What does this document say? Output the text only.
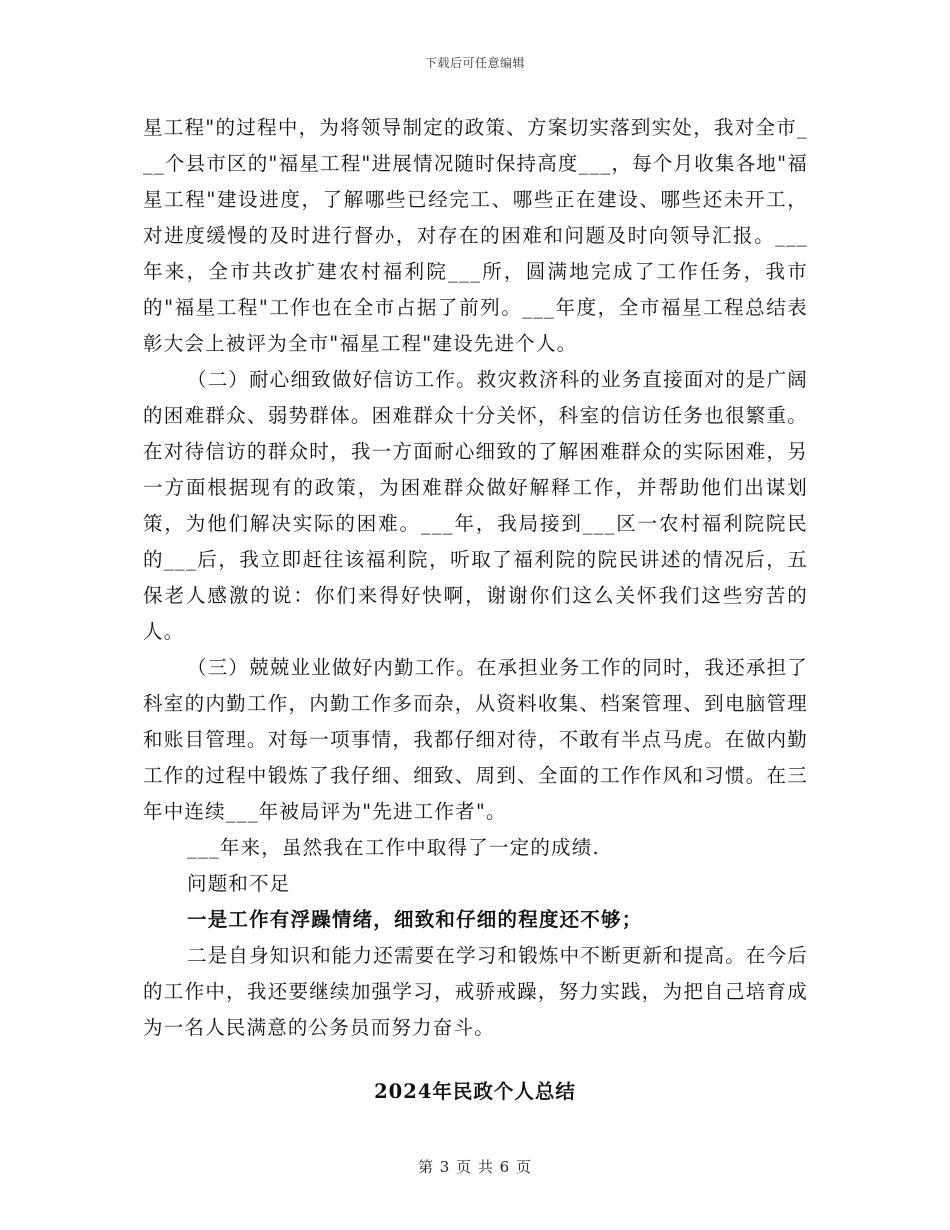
下载后可任意编辑

星工程"的过程中，为将领导制定的政策、方案切实落到实处，我对全市___个县市区的"福星工程"进展情况随时保持高度___，每个月收集各地"福星工程"建设进度，了解哪些已经完工、哪些正在建设、哪些还未开工，对进度缓慢的及时进行督办，对存在的困难和问题及时向领导汇报。___年来，全市共改扩建农村福利院___所，圆满地完成了工作任务，我市的"福星工程"工作也在全市占据了前列。___年度，全市福星工程总结表彰大会上被评为全市"福星工程"建设先进个人。

（二）耐心细致做好信访工作。救灾救济科的业务直接面对的是广阔的困难群众、弱势群体。困难群众十分关怀，科室的信访任务也很繁重。在对待信访的群众时，我一方面耐心细致的了解困难群众的实际困难，另一方面根据现有的政策，为困难群众做好解释工作，并帮助他们出谋划策，为他们解决实际的困难。___年，我局接到___区一农村福利院院民的___后，我立即赶往该福利院，听取了福利院的院民讲述的情况后，五保老人感激的说：你们来得好快啊，谢谢你们这么关怀我们这些穷苦的人。

（三）兢兢业业做好内勤工作。在承担业务工作的同时，我还承担了科室的内勤工作，内勤工作多而杂，从资料收集、档案管理、到电脑管理和账目管理。对每一项事情，我都仔细对待，不敢有半点马虎。在做内勤工作的过程中锻炼了我仔细、细致、周到、全面的工作作风和习惯。在三年中连续___年被局评为"先进工作者"。

___年来，虽然我在工作中取得了一定的成绩.

问题和不足

一是工作有浮躁情绪，细致和仔细的程度还不够；

二是自身知识和能力还需要在学习和锻炼中不断更新和提高。在今后的工作中，我还要继续加强学习，戒骄戒躁，努力实践，为把自己培育成为一名人民满意的公务员而努力奋斗。

2024年民政个人总结
第 3 页 共 6 页
